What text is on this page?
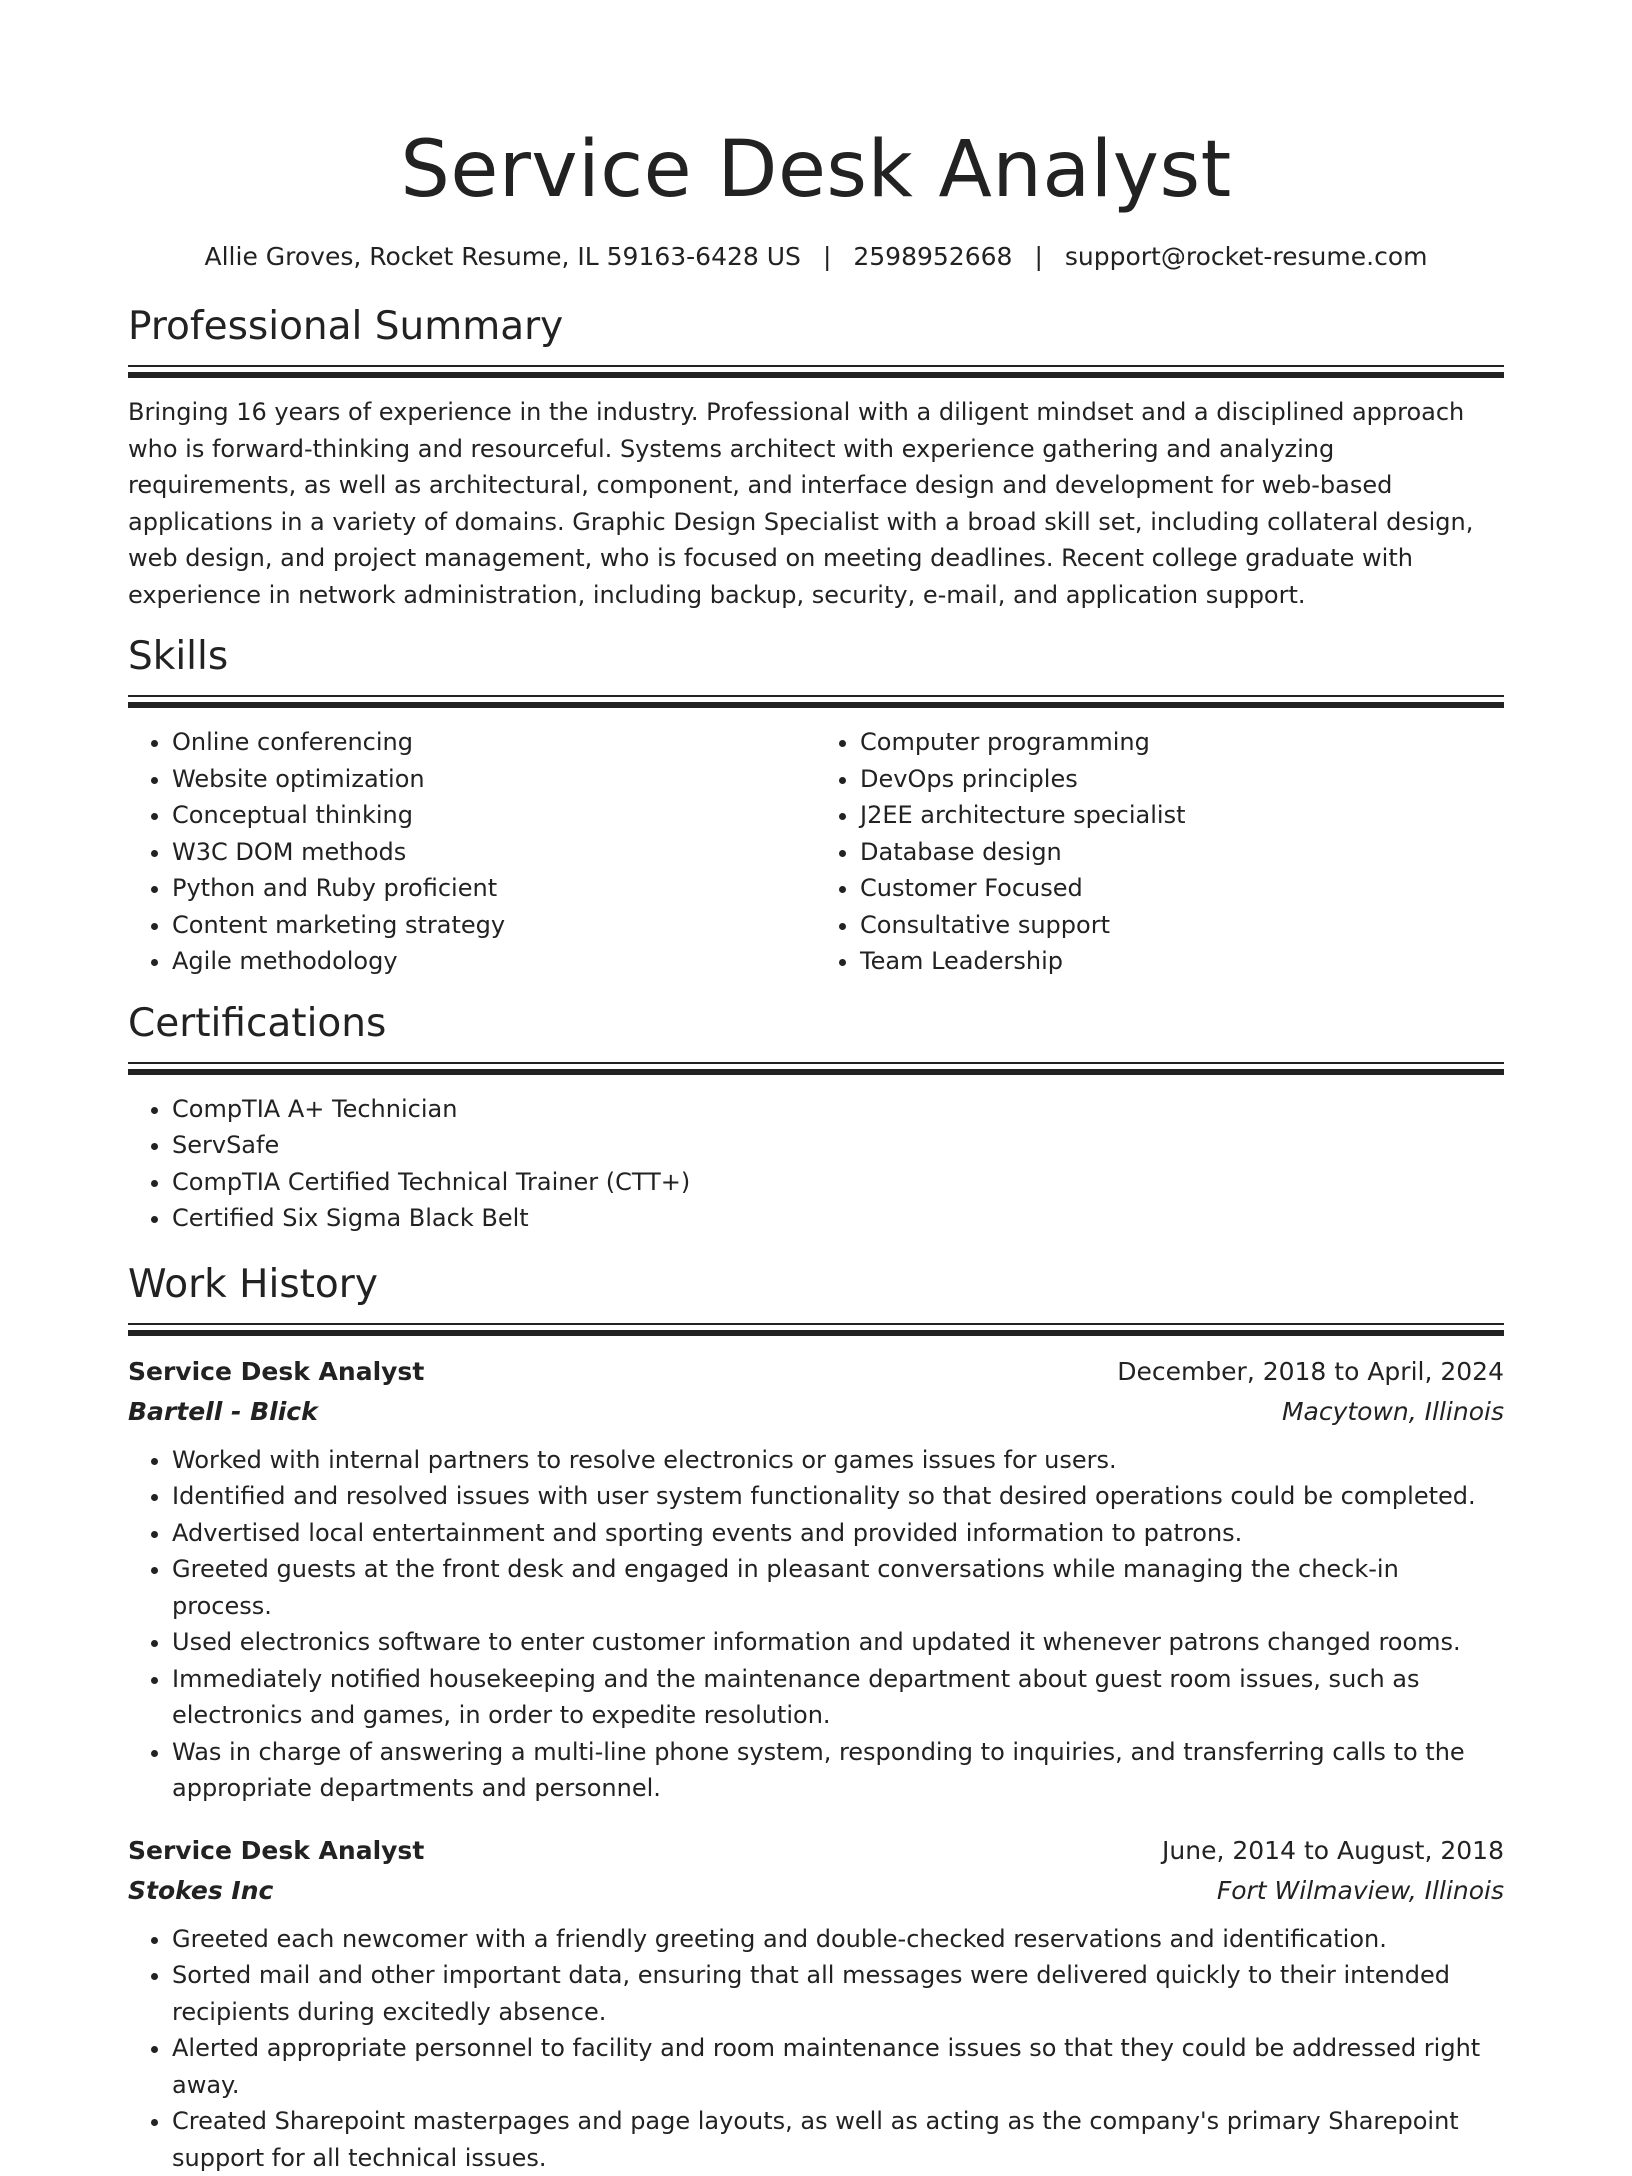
Service Desk Analyst
Allie Groves, Rocket Resume, IL 59163-6428 US | 2598952668 | support@rocket-resume.com
Professional Summary

Bringing 16 years of experience in the industry. Professional with a diligent mindset and a disciplined approach who is forward-thinking and resourceful. Systems architect with experience gathering and analyzing requirements, as well as architectural, component, and interface design and development for web-based applications in a variety of domains. Graphic Design Specialist with a broad skill set, including collateral design, web design, and project management, who is focused on meeting deadlines. Recent college graduate with experience in network administration, including backup, security, e-mail, and application support.

Skills
• Online conferencing
• Website optimization
• Conceptual thinking
• W3C DOM methods
• Python and Ruby proficient
• Content marketing strategy
• Agile methodology
• Computer programming
• DevOps principles
• J2EE architecture specialist
• Database design
• Customer Focused
• Consultative support
• Team Leadership
Certifications
• CompTIA A+ Technician
• ServSafe
• CompTIA Certified Technical Trainer (CTT+)
• Certified Six Sigma Black Belt
Work History
Service Desk Analyst	December, 2018 to April, 2024
Bartell - Blick	Macytown, Illinois
• Worked with internal partners to resolve electronics or games issues for users.
• Identified and resolved issues with user system functionality so that desired operations could be completed.
• Advertised local entertainment and sporting events and provided information to patrons.
• Greeted guests at the front desk and engaged in pleasant conversations while managing the check-in process.
• Used electronics software to enter customer information and updated it whenever patrons changed rooms.
• Immediately notified housekeeping and the maintenance department about guest room issues, such as electronics and games, in order to expedite resolution.
• Was in charge of answering a multi-line phone system, responding to inquiries, and transferring calls to the appropriate departments and personnel.
Service Desk Analyst	June, 2014 to August, 2018
Stokes Inc	Fort Wilmaview, Illinois
• Greeted each newcomer with a friendly greeting and double-checked reservations and identification.
• Sorted mail and other important data, ensuring that all messages were delivered quickly to their intended recipients during excitedly absence.
• Alerted appropriate personnel to facility and room maintenance issues so that they could be addressed right away.
• Created Sharepoint masterpages and page layouts, as well as acting as the company's primary Sharepoint support for all technical issues.
